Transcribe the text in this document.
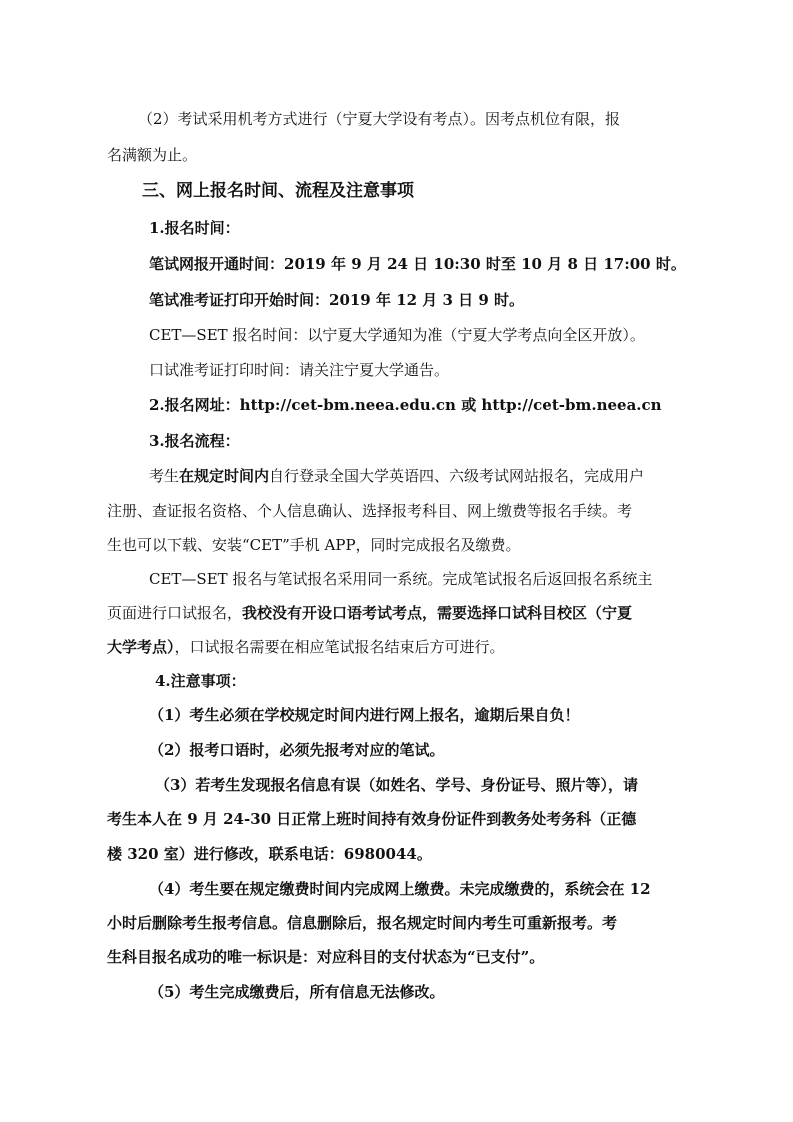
（2）考试采用机考方式进行（宁夏大学设有考点）。因考点机位有限，报
名满额为止。
三、网上报名时间、流程及注意事项
1.报名时间：
笔试网报开通时间：2019 年 9 月 24 日 10:30 时至 10 月 8 日 17:00 时。
笔试准考证打印开始时间：2019 年 12 月 3 日 9 时。
CET—SET 报名时间：以宁夏大学通知为准（宁夏大学考点向全区开放）。
口试准考证打印时间：请关注宁夏大学通告。
2.报名网址：http://cet-bm.neea.edu.cn 或 http://cet-bm.neea.cn
3.报名流程：
考生在规定时间内自行登录全国大学英语四、六级考试网站报名，完成用户
注册、查证报名资格、个人信息确认、选择报考科目、网上缴费等报名手续。考
生也可以下载、安装“CET”手机 APP，同时完成报名及缴费。
CET—SET 报名与笔试报名采用同一系统。完成笔试报名后返回报名系统主
页面进行口试报名，我校没有开设口语考试考点，需要选择口试科目校区（宁夏
大学考点），口试报名需要在相应笔试报名结束后方可进行。
4.注意事项：
（1）考生必须在学校规定时间内进行网上报名，逾期后果自负！
（2）报考口语时，必须先报考对应的笔试。
（3）若考生发现报名信息有误（如姓名、学号、身份证号、照片等），请
考生本人在 9 月 24-30 日正常上班时间持有效身份证件到教务处考务科（正德
楼 320 室）进行修改，联系电话：6980044。
（4）考生要在规定缴费时间内完成网上缴费。未完成缴费的，系统会在 12
小时后删除考生报考信息。信息删除后，报名规定时间内考生可重新报考。考
生科目报名成功的唯一标识是：对应科目的支付状态为“已支付”。
（5）考生完成缴费后，所有信息无法修改。
